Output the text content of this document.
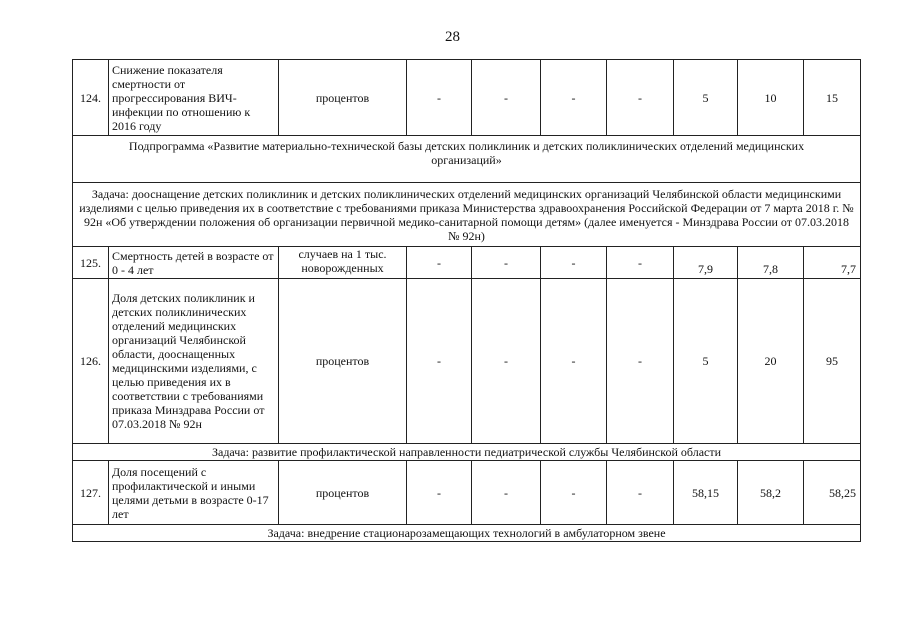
28
124.	Снижение показателя смертности от прогрессирования ВИЧ-инфекции по отношению к 2016 году	процентов	-	-	-	-	5	10	15
Подпрограмма «Развитие материально-технической базы детских поликлиник и детских поликлинических отделений медицинских организаций»									
Задача: дооснащение детских поликлиник и детских поликлинических отделений медицинских организаций Челябинской области медицинскими изделиями с целью приведения их в соответствие с требованиями приказа Министерства здравоохранения Российской Федерации от 7 марта 2018 г. № 92н «Об утверждении положения об организации первичной медико-санитарной помощи детям» (далее именуется - Минздрава России от 07.03.2018 № 92н)									
125.	Смертность детей в возрасте от 0 - 4 лет	случаев на 1 тыс. новорожденных	-	-	-	-	7,9	7,8	7,7
126.	Доля детских поликлиник и детских поликлинических отделений медицинских организаций Челябинской области, дооснащенных медицинскими изделиями, с целью приведения их в соответствии с требованиями приказа Минздрава России от 07.03.2018 № 92н	процентов	-	-	-	-	5	20	95
Задача: развитие профилактической направленности педиатрической службы Челябинской области									
127.	Доля посещений с профилактической и иными целями детьми в возрасте 0-17 лет	процентов	-	-	-	-	58,15	58,2	58,25
Задача: внедрение стационарозамещающих технологий в амбулаторном звене									
